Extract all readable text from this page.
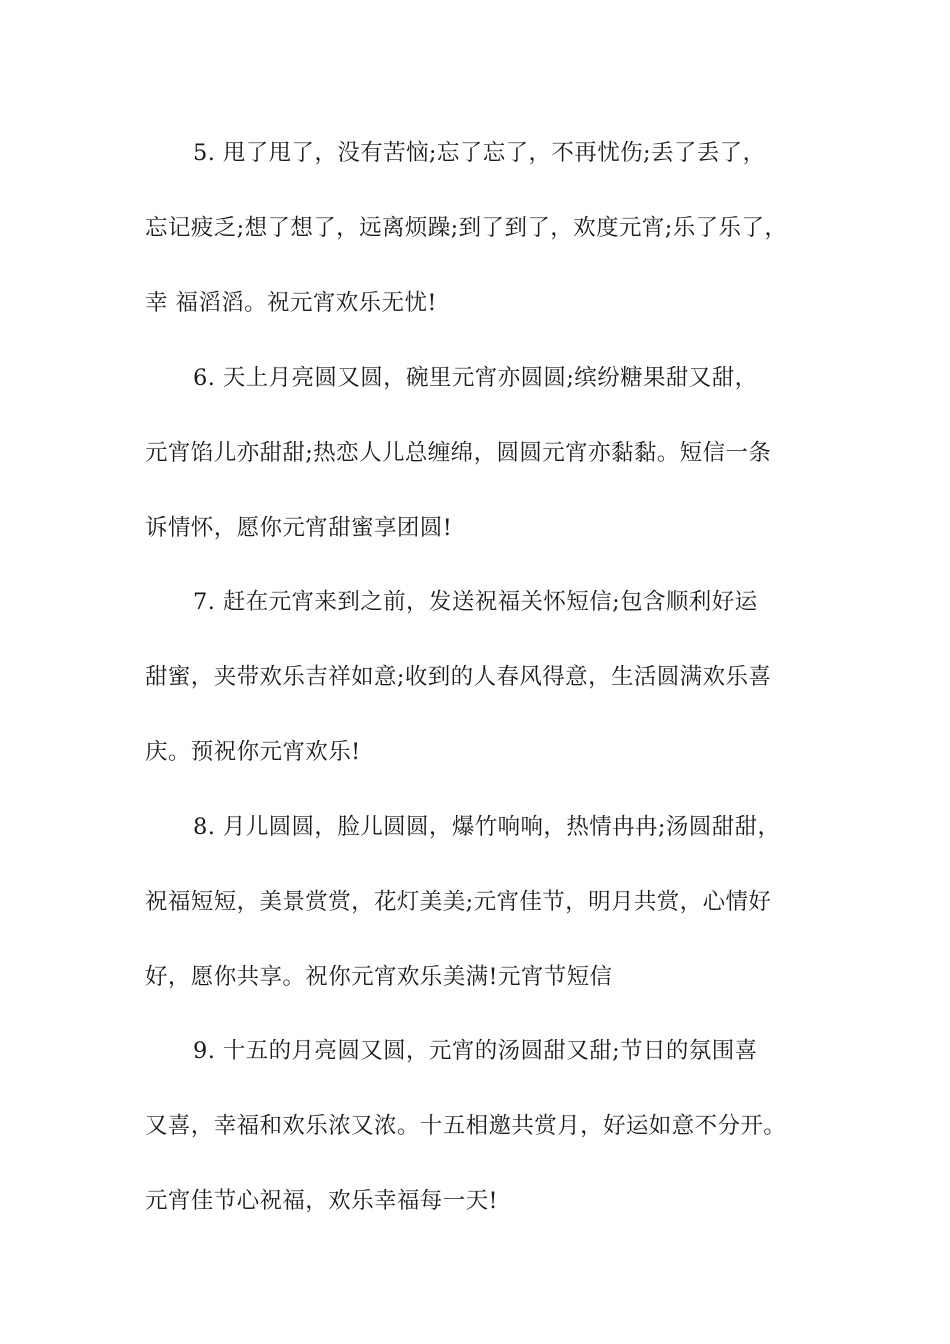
5. 甩了甩了，没有苦恼;忘了忘了，不再忧伤;丢了丢了，
忘记疲乏;想了想了，远离烦躁;到了到了，欢度元宵;乐了乐了，
幸 福滔滔。祝元宵欢乐无忧!
6. 天上月亮圆又圆，碗里元宵亦圆圆;缤纷糖果甜又甜，
元宵馅儿亦甜甜;热恋人儿总缠绵，圆圆元宵亦黏黏。短信一条
诉情怀，愿你元宵甜蜜享团圆!
7. 赶在元宵来到之前，发送祝福关怀短信;包含顺利好运
甜蜜，夹带欢乐吉祥如意;收到的人春风得意，生活圆满欢乐喜
庆。预祝你元宵欢乐!
8. 月儿圆圆，脸儿圆圆，爆竹响响，热情冉冉;汤圆甜甜，
祝福短短，美景赏赏，花灯美美;元宵佳节，明月共赏，心情好
好，愿你共享。祝你元宵欢乐美满!元宵节短信
9. 十五的月亮圆又圆，元宵的汤圆甜又甜;节日的氛围喜
又喜，幸福和欢乐浓又浓。十五相邀共赏月，好运如意不分开。
元宵佳节心祝福，欢乐幸福每一天!
